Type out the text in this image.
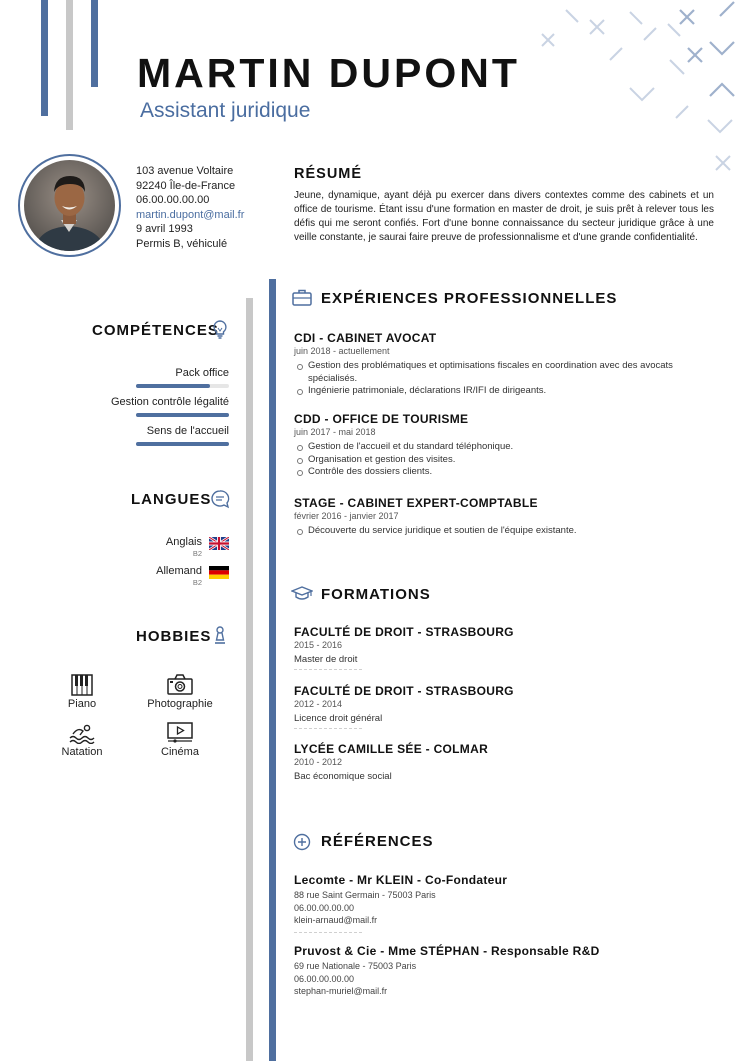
MARTIN DUPONT
Assistant juridique
103 avenue Voltaire
92240 Île-de-France
06.00.00.00.00
martin.dupont@mail.fr
9 avril 1993
Permis B, véhiculé
RÉSUMÉ
Jeune, dynamique, ayant déjà pu exercer dans divers contextes comme des cabinets et un office de tourisme. Étant issu d'une formation en master de droit, je suis prêt à relever tous les défis qui me seront confiés. Fort d'une bonne connaissance du secteur juridique grâce à une veille constante, je saurai faire preuve de professionnalisme et d'une grande confidentialité.
COMPÉTENCES
Pack office
Gestion contrôle légalité
Sens de l'accueil
LANGUES
Anglais
B2
Allemand
B2
HOBBIES
Piano	Photographie
Natation	Cinéma
EXPÉRIENCES PROFESSIONNELLES
CDI - CABINET AVOCAT
juin 2018 - actuellement
Gestion des problématiques et optimisations fiscales en coordination avec des avocats spécialisés.
Ingénierie patrimoniale, déclarations IR/IFI de dirigeants.
CDD - OFFICE DE TOURISME
juin 2017 - mai 2018
Gestion de l'accueil et du standard téléphonique.
Organisation et gestion des visites.
Contrôle des dossiers clients.
STAGE - CABINET EXPERT-COMPTABLE
février 2016 - janvier 2017
Découverte du service juridique et soutien de l'équipe existante.
FORMATIONS
FACULTÉ DE DROIT - STRASBOURG
2015 - 2016
Master de droit
FACULTÉ DE DROIT - STRASBOURG
2012 - 2014
Licence droit général
LYCÉE CAMILLE SÉE - COLMAR
2010 - 2012
Bac économique social
RÉFÉRENCES
Lecomte - Mr KLEIN - Co-Fondateur
88 rue Saint Germain - 75003 Paris
06.00.00.00.00
klein-arnaud@mail.fr
Pruvost & Cie - Mme STÉPHAN - Responsable R&D
69 rue Nationale - 75003 Paris
06.00.00.00.00
stephan-muriel@mail.fr
